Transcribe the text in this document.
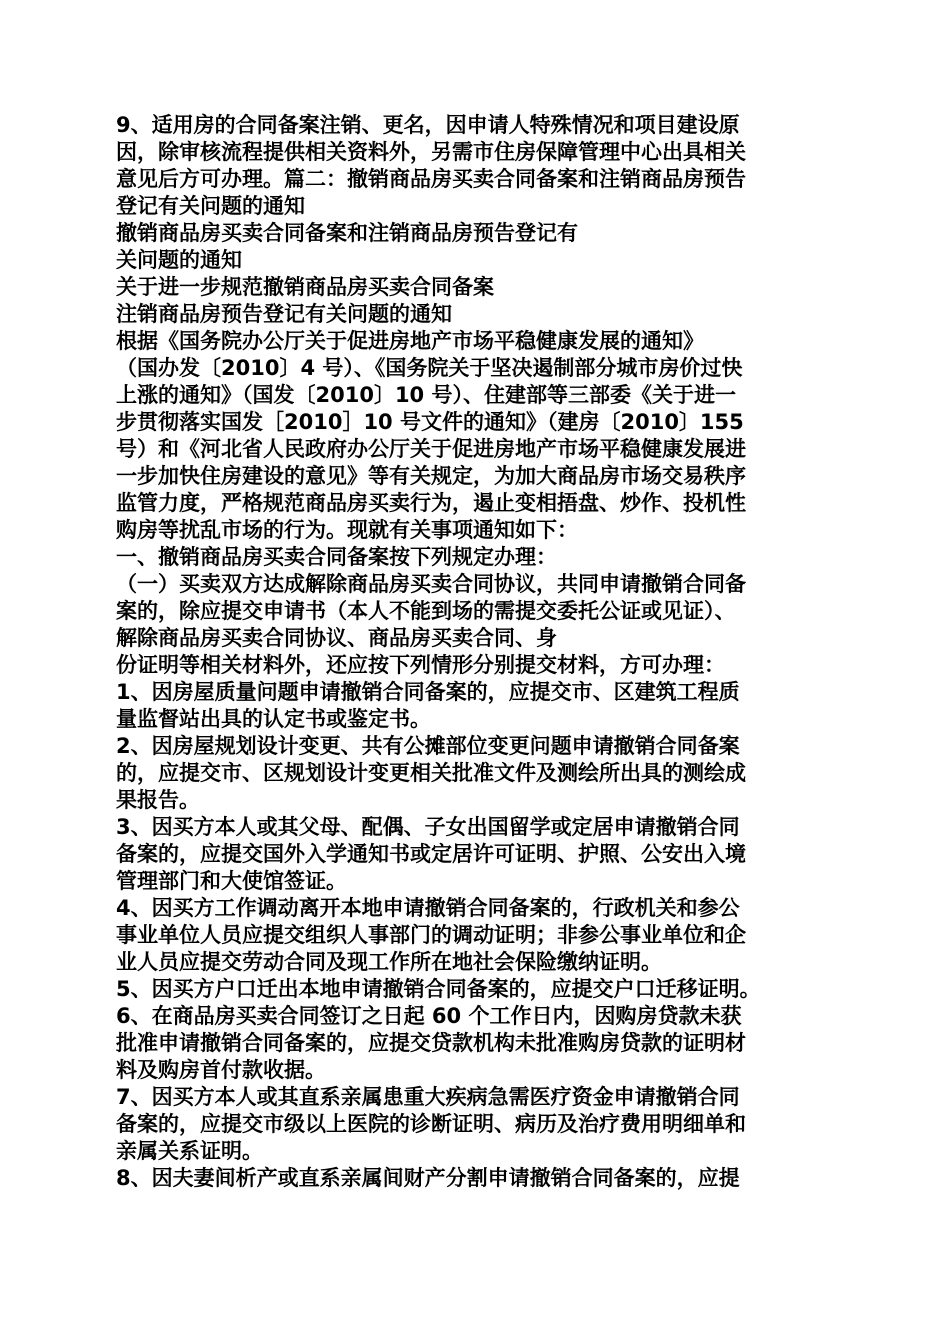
9、适用房的合同备案注销、更名，因申请人特殊情况和项目建设原
因，除审核流程提供相关资料外，另需市住房保障管理中心出具相关
意见后方可办理。篇二：撤销商品房买卖合同备案和注销商品房预告
登记有关问题的通知
撤销商品房买卖合同备案和注销商品房预告登记有
关问题的通知
关于进一步规范撤销商品房买卖合同备案
注销商品房预告登记有关问题的通知
根据《国务院办公厅关于促进房地产市场平稳健康发展的通知》
（国办发〔2010〕4 号）、《国务院关于坚决遏制部分城市房价过快
上涨的通知》（国发〔2010〕10 号）、住建部等三部委《关于进一
步贯彻落实国发［2010］10 号文件的通知》（建房〔2010〕155
号）和《河北省人民政府办公厅关于促进房地产市场平稳健康发展进
一步加快住房建设的意见》等有关规定，为加大商品房市场交易秩序
监管力度，严格规范商品房买卖行为，遏止变相捂盘、炒作、投机性
购房等扰乱市场的行为。现就有关事项通知如下：
一、撤销商品房买卖合同备案按下列规定办理：
（一）买卖双方达成解除商品房买卖合同协议，共同申请撤销合同备
案的，除应提交申请书（本人不能到场的需提交委托公证或见证）、
解除商品房买卖合同协议、商品房买卖合同、身
份证明等相关材料外，还应按下列情形分别提交材料，方可办理：
1、因房屋质量问题申请撤销合同备案的，应提交市、区建筑工程质
量监督站出具的认定书或鉴定书。
2、因房屋规划设计变更、共有公摊部位变更问题申请撤销合同备案
的，应提交市、区规划设计变更相关批准文件及测绘所出具的测绘成
果报告。
3、因买方本人或其父母、配偶、子女出国留学或定居申请撤销合同
备案的，应提交国外入学通知书或定居许可证明、护照、公安出入境
管理部门和大使馆签证。
4、因买方工作调动离开本地申请撤销合同备案的，行政机关和参公
事业单位人员应提交组织人事部门的调动证明；非参公事业单位和企
业人员应提交劳动合同及现工作所在地社会保险缴纳证明。
5、因买方户口迁出本地申请撤销合同备案的，应提交户口迁移证明。
6、在商品房买卖合同签订之日起 60 个工作日内，因购房贷款未获
批准申请撤销合同备案的，应提交贷款机构未批准购房贷款的证明材
料及购房首付款收据。
7、因买方本人或其直系亲属患重大疾病急需医疗资金申请撤销合同
备案的，应提交市级以上医院的诊断证明、病历及治疗费用明细单和
亲属关系证明。
8、因夫妻间析产或直系亲属间财产分割申请撤销合同备案的，应提
